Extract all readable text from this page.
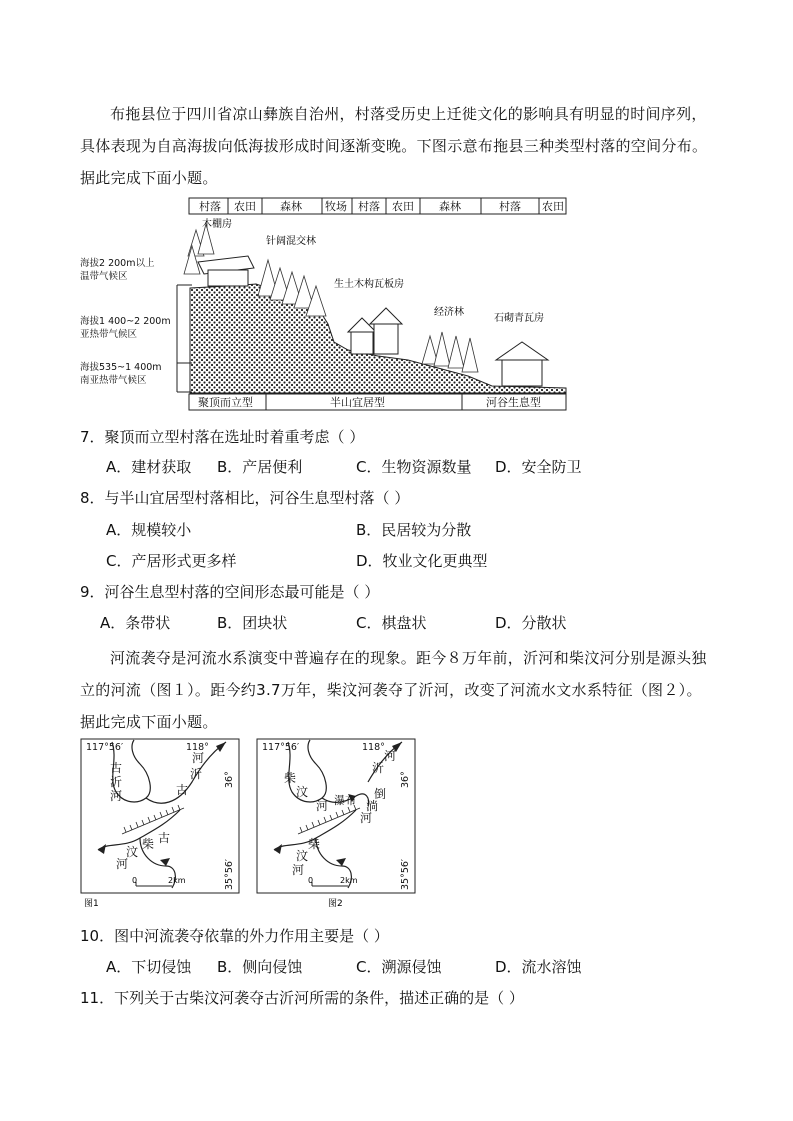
布拖县位于四川省凉山彝族自治州，村落受历史上迁徙文化的影响具有明显的时间序列，具体表现为自高海拔向低海拔形成时间逐渐变晚。下图示意布拖县三种类型村落的空间分布。据此完成下面小题。
村落 农田 森林 牧场 村落 农田 森林	村落 农田
海拔2 200m以上
温带气候区
海拔1 400~2 200m
亚热带气候区
海拔535~1 400m
南亚热带气候区
木棚房
针阔混交林
生土木构瓦板房
经济林
石砌青瓦房
聚顶而立型	半山宜居型	河谷生息型
7．聚顶而立型村落在选址时着重考虑（ ）
A．建材获取 B．产居便利	C．生物资源数量 D．安全防卫
8．与半山宜居型村落相比，河谷生息型村落（ ）
A．规模较小	B．民居较为分散
C．产居形式更多样	D．牧业文化更典型
9．河谷生息型村落的空间形态最可能是（ ）
A．条带状	B．团块状	C．棋盘状	D．分散状
河流袭夺是河流水系演变中普遍存在的现象。距今８万年前，沂河和柴汶河分别是源头独立的河流（图１）。距今约3.7万年，柴汶河袭夺了沂河，改变了河流水文水系特征（图２）。据此完成下面小题。
117°56′	118°
36°
35°56′
古
沂
河
沂
古
河
古
柴
汶
河
0	2km
图1
117°56′	118°
36°
35°56′
柴
汶
河 瀑布 倒
淌
河
河
沂
柴
汶
河
0	2km
图2
10．图中河流袭夺依靠的外力作用主要是（ ）
A．下切侵蚀 B．侧向侵蚀	C．溯源侵蚀	D．流水溶蚀
11．下列关于古柴汶河袭夺古沂河所需的条件，描述正确的是（ ）
